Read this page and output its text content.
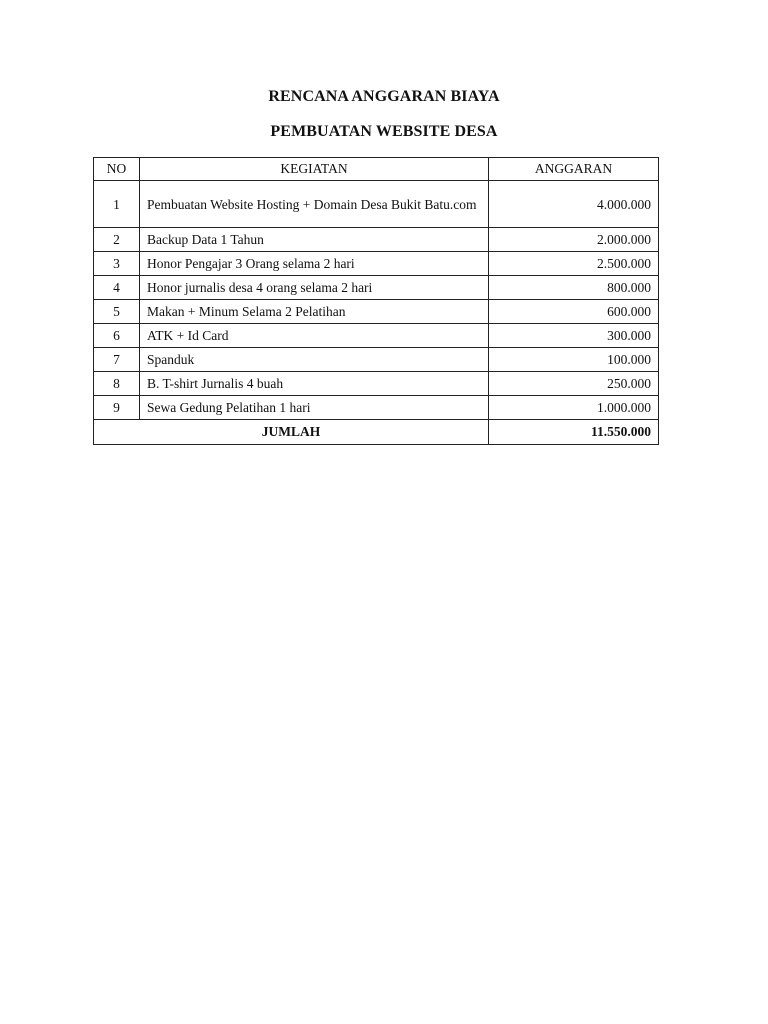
RENCANA ANGGARAN BIAYA
PEMBUATAN WEBSITE DESA
NO	KEGIATAN	ANGGARAN
1	Pembuatan Website Hosting + Domain Desa Bukit Batu.com	4.000.000
2	Backup Data 1 Tahun	2.000.000
3	Honor Pengajar 3 Orang selama 2 hari	2.500.000
4	Honor jurnalis desa 4 orang selama 2 hari	800.000
5	Makan + Minum Selama 2 Pelatihan	600.000
6	ATK + Id Card	300.000
7	Spanduk	100.000
8	B. T-shirt Jurnalis 4 buah	250.000
9	Sewa Gedung Pelatihan 1 hari	1.000.000
JUMLAH		11.550.000
